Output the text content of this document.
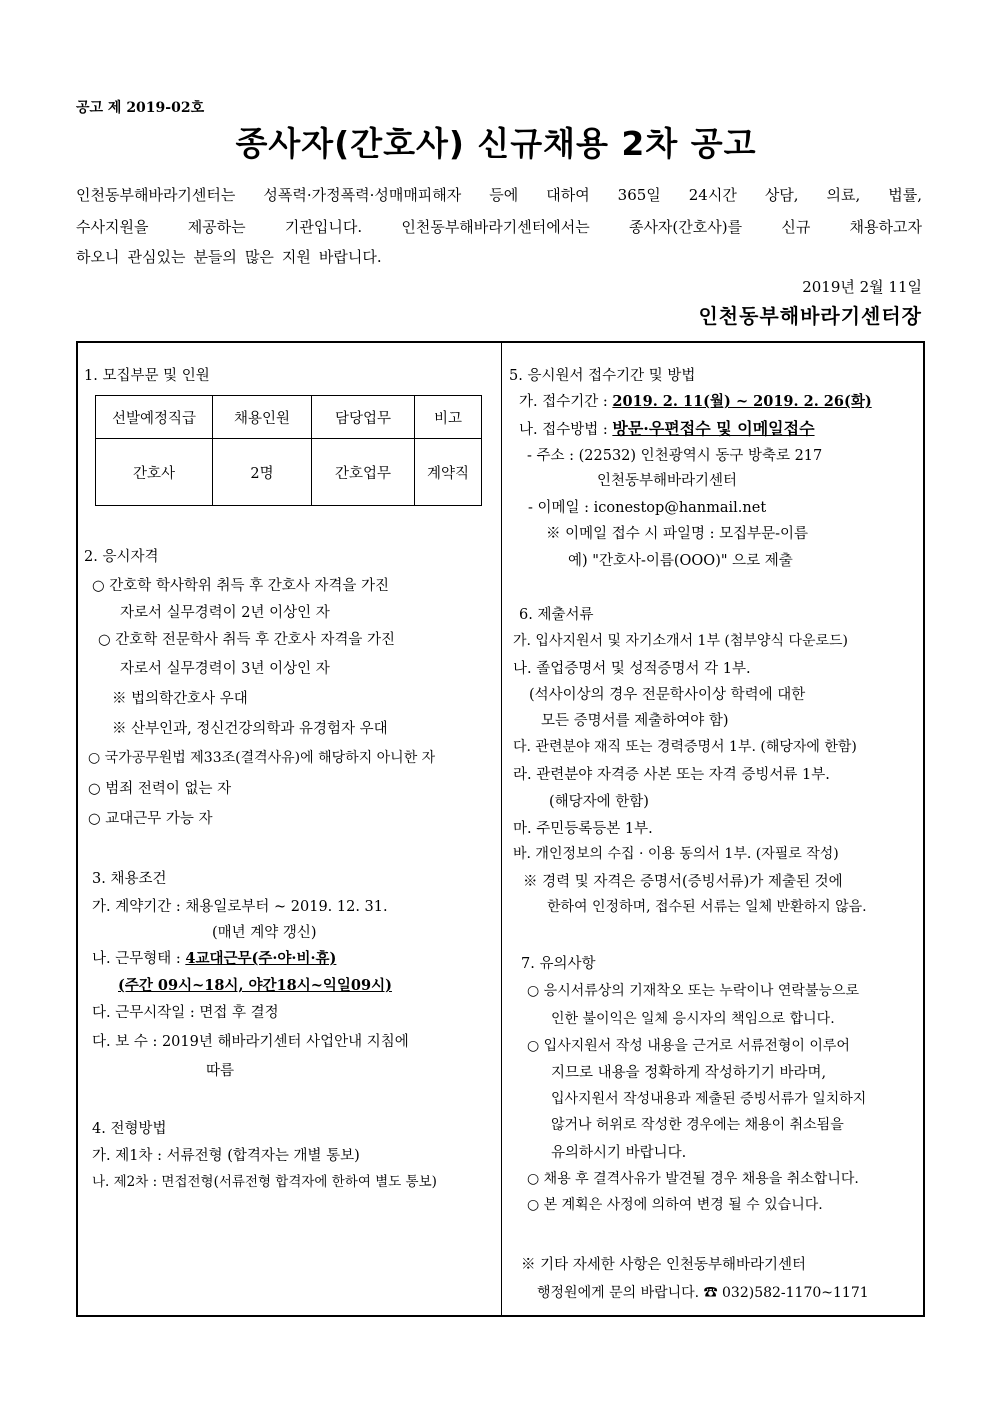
공고 제 2019-02호
종사자(간호사) 신규채용 2차 공고
인천동부해바라기센터는 성폭력·가정폭력·성매매피해자 등에 대하여 365일 24시간 상담, 의료, 법률,
수사지원을	제공하는	기관입니다.	인천동부해바라기센터에서는	종사자(간호사)를	신규	채용하고자
하오니 관심있는 분들의 많은 지원 바랍니다.
2019년 2월 11일
인천동부해바라기센터장
1. 모집부문 및 인원
선발예정직급	채용인원	담당업무	비고
간호사	2명	간호업무	계약직
2. 응시자격
○ 간호학 학사학위 취득 후 간호사 자격을 가진
자로서 실무경력이 2년 이상인 자
○ 간호학 전문학사 취득 후 간호사 자격을 가진
자로서 실무경력이 3년 이상인 자
※ 법의학간호사 우대
※ 산부인과, 정신건강의학과 유경험자 우대
○ 국가공무원법 제33조(결격사유)에 해당하지 아니한 자
○ 범죄 전력이 없는 자
○ 교대근무 가능 자
3. 채용조건
가. 계약기간 : 채용일로부터 ~ 2019. 12. 31.
(매년 계약 갱신)
나. 근무형태 : 4교대근무(주·야·비·휴)
(주간 09시~18시, 야간18시~익일09시)
다. 근무시작일 : 면접 후 결정
다. 보 수 : 2019년 해바라기센터 사업안내 지침에
따름
4. 전형방법
가. 제1차 : 서류전형 (합격자는 개별 통보)
나. 제2차 : 면접전형(서류전형 합격자에 한하여 별도 통보)
5. 응시원서 접수기간 및 방법
가. 접수기간 : 2019. 2. 11(월) ~ 2019. 2. 26(화)
나. 접수방법 : 방문·우편접수 및 이메일접수
- 주소 : (22532) 인천광역시 동구 방축로 217
인천동부해바라기센터
- 이메일 : iconestop@hanmail.net
※ 이메일 접수 시 파일명 : 모집부문-이름
예) "간호사-이름(OOO)" 으로 제출
6. 제출서류
가. 입사지원서 및 자기소개서 1부 (첨부양식 다운로드)
나. 졸업증명서 및 성적증명서 각 1부.
(석사이상의 경우 전문학사이상 학력에 대한
모든 증명서를 제출하여야 함)
다. 관련분야 재직 또는 경력증명서 1부. (해당자에 한함)
라. 관련분야 자격증 사본 또는 자격 증빙서류 1부.
(해당자에 한함)
마. 주민등록등본 1부.
바. 개인정보의 수집 · 이용 동의서 1부. (자필로 작성)
※ 경력 및 자격은 증명서(증빙서류)가 제출된 것에
한하여 인정하며, 접수된 서류는 일체 반환하지 않음.
7. 유의사항
○ 응시서류상의 기재착오 또는 누락이나 연락불능으로
인한 불이익은 일체 응시자의 책임으로 합니다.
○ 입사지원서 작성 내용을 근거로 서류전형이 이루어
지므로 내용을 정확하게 작성하기기 바라며,
입사지원서 작성내용과 제출된 증빙서류가 일치하지
않거나 허위로 작성한 경우에는 채용이 취소됨을
유의하시기 바랍니다.
○ 채용 후 결격사유가 발견될 경우 채용을 취소합니다.
○ 본 계획은 사정에 의하여 변경 될 수 있습니다.
※ 기타 자세한 사항은 인천동부해바라기센터
행정원에게 문의 바랍니다. ☎ 032)582-1170~1171
